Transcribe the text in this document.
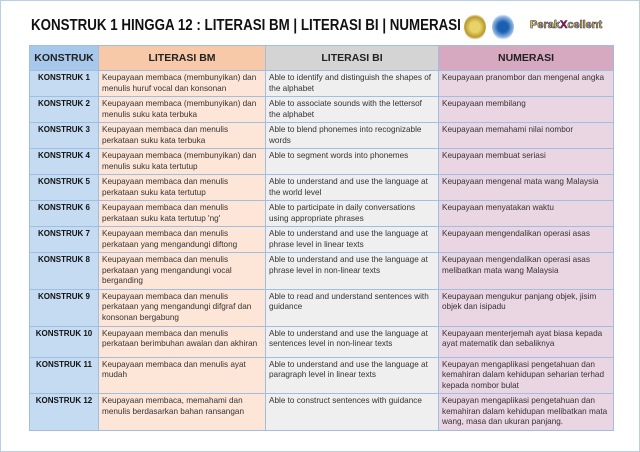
KONSTRUK 1 HINGGA 12 : LITERASI BM | LITERASI BI | NUMERASI	PerakXcellent
KONSTRUK	LITERASI BM	LITERASI BI	NUMERASI
KONSTRUK 1	Keupayaan membaca (membunyikan) dan menulis huruf vocal dan konsonan	Able to identify and distinguish the shapes of the alphabet	Keupayaan pranombor dan mengenal angka
KONSTRUK 2	Keupayaan membaca (membunyikan) dan menulis suku kata terbuka	Able to associate sounds with the lettersof the alphabet	Keupayaan membilang
KONSTRUK 3	Keupayaan membaca dan menulis perkataan suku kata terbuka	Able to blend phonemes into recognizable words	Keupayaan memahami nilai nombor
KONSTRUK 4	Keupayaan membaca (membunyikan) dan menulis suku kata tertutup	Able to segment words into phonemes	Keupayaan membuat seriasi
KONSTRUK 5	Keupayaan membaca dan menulis perkataan suku kata tertutup	Able to understand and use the language at the world level	Keupayaan mengenal mata wang Malaysia
KONSTRUK 6	Keupayaan membaca dan menulis perkataan suku kata tertutup 'ng'	Able to participate in daily conversations using appropriate phrases	Keupayaan menyatakan waktu
KONSTRUK 7	Keupayaan membaca dan menulis perkataan yang mengandungi diftong	Able to understand and use the language at phrase level in linear texts	Keupayaan mengendalikan operasi asas
KONSTRUK 8	Keupayaan membaca dan menulis perkataan yang mengandungi vocal berganding	Able to understand and use the language at phrase level in non-linear texts	Keupayaan mengendalikan operasi asas melibatkan mata wang Malaysia
KONSTRUK 9	Keupayaan membaca dan menulis perkataan yang mengandungi difgraf dan konsonan bergabung	Able to read and understand sentences with guidance	Keupayaan mengukur panjang objek, jisim objek dan isipadu
KONSTRUK 10	Keupayaan membaca dan menulis perkataan berimbuhan awalan dan akhiran	Able to understand and use the language at sentences level in non-linear texts	Keupayaan menterjemah ayat biasa kepada ayat matematik dan sebaliknya
KONSTRUK 11	Keupayaan membaca dan menulis ayat mudah	Able to understand and use the language at paragraph level in linear texts	Keupayan mengaplikasi pengetahuan dan kemahiran dalam kehidupan seharian terhad kepada nombor bulat
KONSTRUK 12	Keupayaan membaca, memahami dan menulis berdasarkan bahan ransangan	Able to construct sentences with guidance	Keupayan mengaplikasi pengetahuan dan kemahiran dalam kehidupan melibatkan mata wang, masa dan ukuran panjang.
